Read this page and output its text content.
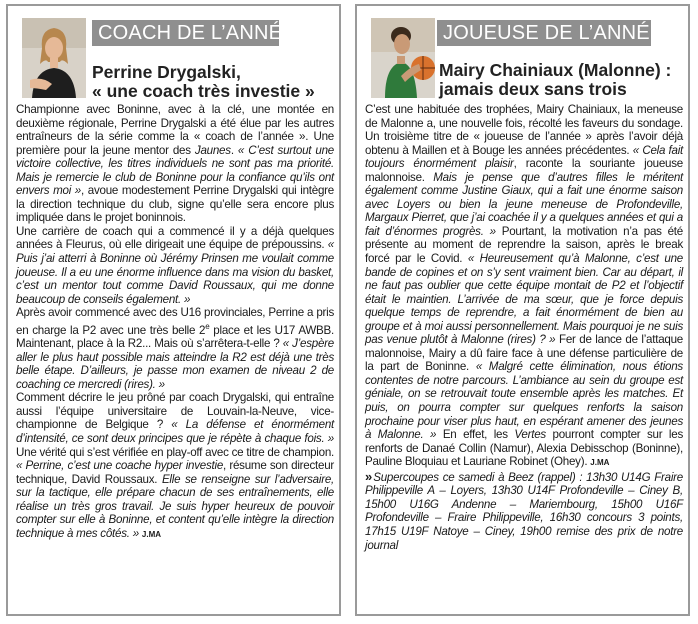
COACH DE L’ANNÉE
Perrine Drygalski,
« une coach très investie »

Championne avec Boninne, avec à la clé, une montée en deuxième régionale, Perrine Drygalski a été élue par les autres entraîneurs de la série comme la « coach de l’année ». Une première pour la jeune mentor des Jaunes. « C’est surtout une victoire collective, les titres individuels ne sont pas ma priorité. Mais je remercie le club de Boninne pour la confiance qu’ils ont envers moi », avoue modestement Perrine Drygalski qui intègre la direction technique du club, signe qu’elle sera encore plus impliquée dans le projet boninnois.

Une carrière de coach qui a commencé il y a déjà quelques années à Fleurus, où elle dirigeait une équipe de prépoussins. « Puis j’ai atterri à Boninne où Jérémy Prinsen me voulait comme joueuse. Il a eu une énorme influence dans ma vision du basket, c’est un mentor tout comme David Roussaux, qui me donne beaucoup de conseils également. »

Après avoir commencé avec des U16 provinciales, Perrine a pris en charge la P2 avec une très belle 2e place et les U17 AWBB. Maintenant, place à la R2... Mais où s’arrêtera-t-elle ? « J’espère aller le plus haut possible mais atteindre la R2 est déjà une très belle étape. D’ailleurs, je passe mon examen de niveau 2 de coaching ce mercredi (rires). »

Comment décrire le jeu prôné par coach Drygalski, qui entraîne aussi l’équipe universitaire de Louvain-la-Neuve, vice-championne de Belgique ? « La défense et énormément d’intensité, ce sont deux principes que je répète à chaque fois. » Une vérité qui s’est vérifiée en play-off avec ce titre de champion. « Perrine, c’est une coache hyper investie, résume son directeur technique, David Roussaux. Elle se renseigne sur l’adversaire, sur la tactique, elle prépare chacun de ses entraînements, elle réalise un très gros travail. Je suis hyper heureux de pouvoir compter sur elle à Boninne, et content qu’elle intègre la direction technique à mes côtés. » J.MA

JOUEUSE DE L’ANNÉE
Mairy Chainiaux (Malonne) :
jamais deux sans trois

C’est une habituée des trophées, Mairy Chainiaux, la meneuse de Malonne a, une nouvelle fois, récolté les faveurs du sondage. Un troisième titre de « joueuse de l’année » après l’avoir déjà obtenu à Maillen et à Bouge les années précédentes. « Cela fait toujours énormément plaisir, raconte la souriante joueuse malonnoise. Mais je pense que d’autres filles le méritent également comme Justine Giaux, qui a fait une énorme saison avec Loyers ou bien la jeune meneuse de Profondeville, Margaux Pierret, que j’ai coachée il y a quelques années et qui a fait d’énormes progrès. » Pourtant, la motivation n’a pas été présente au moment de reprendre la saison, après le break forcé par le Covid. « Heureusement qu’à Malonne, c’est une bande de copines et on s’y sent vraiment bien. Car au départ, il ne faut pas oublier que cette équipe montait de P2 et l’objectif était le maintien. L’arrivée de ma sœur, que je force depuis quelque temps de reprendre, a fait énormément de bien au groupe et à moi aussi personnellement. Mais pourquoi je ne suis pas venue plutôt à Malonne (rires) ? » Fer de lance de l’attaque malonnoise, Mairy a dû faire face à une défense particulière de la part de Boninne. « Malgré cette élimination, nous étions contentes de notre parcours. L’ambiance au sein du groupe est géniale, on se retrouvait toute ensemble après les matches. Et puis, on pourra compter sur quelques renforts la saison prochaine pour viser plus haut, en espérant amener des jeunes à Malonne. » En effet, les Vertes pourront compter sur les renforts de Danaé Collin (Namur), Alexia Debisschop (Boninne), Pauline Bloquiau et Lauriane Robinet (Ohey). J.MA

» Supercoupes ce samedi à Beez (rappel) : 13h30 U14G Fraire Philippeville A – Loyers, 13h30 U14F Profondeville – Ciney B, 15h00 U16G Andenne – Mariembourg, 15h00 U16F Profondeville – Fraire Philippeville, 16h30 concours 3 points, 17h15 U19F Natoye – Ciney, 19h00 remise des prix de notre journal
